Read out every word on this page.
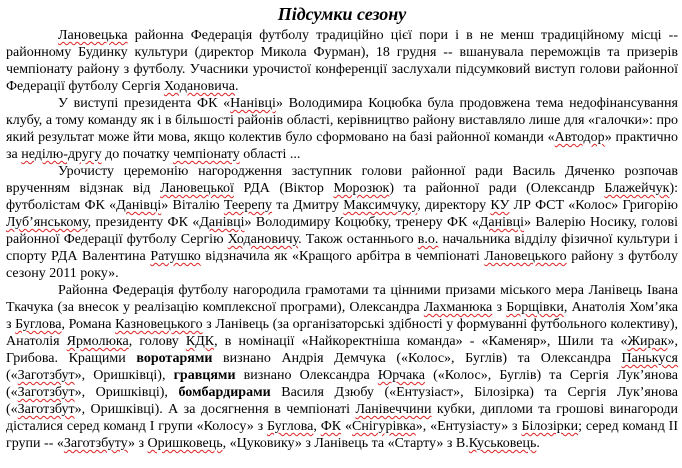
Підсумки сезону

Лановецька районна Федерація футболу традиційно цієї пори і в не менш традиційному місці -- районному Будинку культури (директор Микола Фурман), 18 грудня -- вшанувала переможців та призерів чемпіонату району з футболу. Учасники урочистої конференції заслухали підсумковий виступ голови районної Федерації футболу Сергія Ходановича.

У виступі президента ФК «Нанівці» Володимира Коцюбка була продовжена тема недофінансування клубу, а тому команду як і в більшості районів області, керівництво району виставляло лише для «галочки»: про який результат може йти мова, якщо колектив було сформовано на базі районної команди «Автодор» практично за неділю-другу до початку чемпіонату області ...

Урочисту церемонію нагородження заступник голови районної ради Василь Дяченко розпочав врученням відзнак від Лановецької РДА (Віктор Морозюк) та районної ради (Олександр Блажейчук): футболістам ФК «Данівці» Віталію Теерепу та Дмитру Максимчуку, директору КУ ЛР ФСТ «Колос» Григорію Лубʼянському, президенту ФК «Данівці» Володимиру Коцюбку, тренеру ФК «Данівці» Валерію Носику, голові районної Федерації футболу Сергію Ходановичу. Також останнього в.о. начальника відділу фізичної культури і спорту РДА Валентина Ратушко відзначила як «Кращого арбітра в чемпіонаті Лановецького району з футболу сезону 2011 року».

Районна Федерація футболу нагородила грамотами та цінними призами міського мера Ланівець Івана Ткачука (за внесок у реалізацію комплексної програми), Олександра Лахманюка з Борщівки, Анатолія Хомʼяка з Буглова, Романа Казновецького з Ланівець (за організаторські здібності у формуванні футбольного колективу), Анатолія Ярмолюка, голову КДК, в номінації «Найкоректніша команда» - «Каменяр», Шили та «Жирак», Грибова. Кращими воротарями визнано Андрія Демчука («Колос», Буглів) та Олександра Панькуся («Заготзбут», Оришківці), гравцями визнано Олександра Юрчака («Колос», Буглів) та Сергія Лукʼянова («Заготзбут», Оришківці), бомбардирами Василя Дзюбу («Ентузіаст», Білозірка) та Сергія Лукʼянова («Заготзбут», Оришківці). А за досягнення в чемпіонаті Ланівеччини кубки, дипломи та грошові винагороди дісталися серед команд I групи «Колосу» з Буглова, ФК «Снігурівка», «Ентузіасту» з Білозірки; серед команд II групи -- «Заготзбуту» з Оришковець, «Цуковику» з Ланівець та «Старту» з В.Куськовець.
